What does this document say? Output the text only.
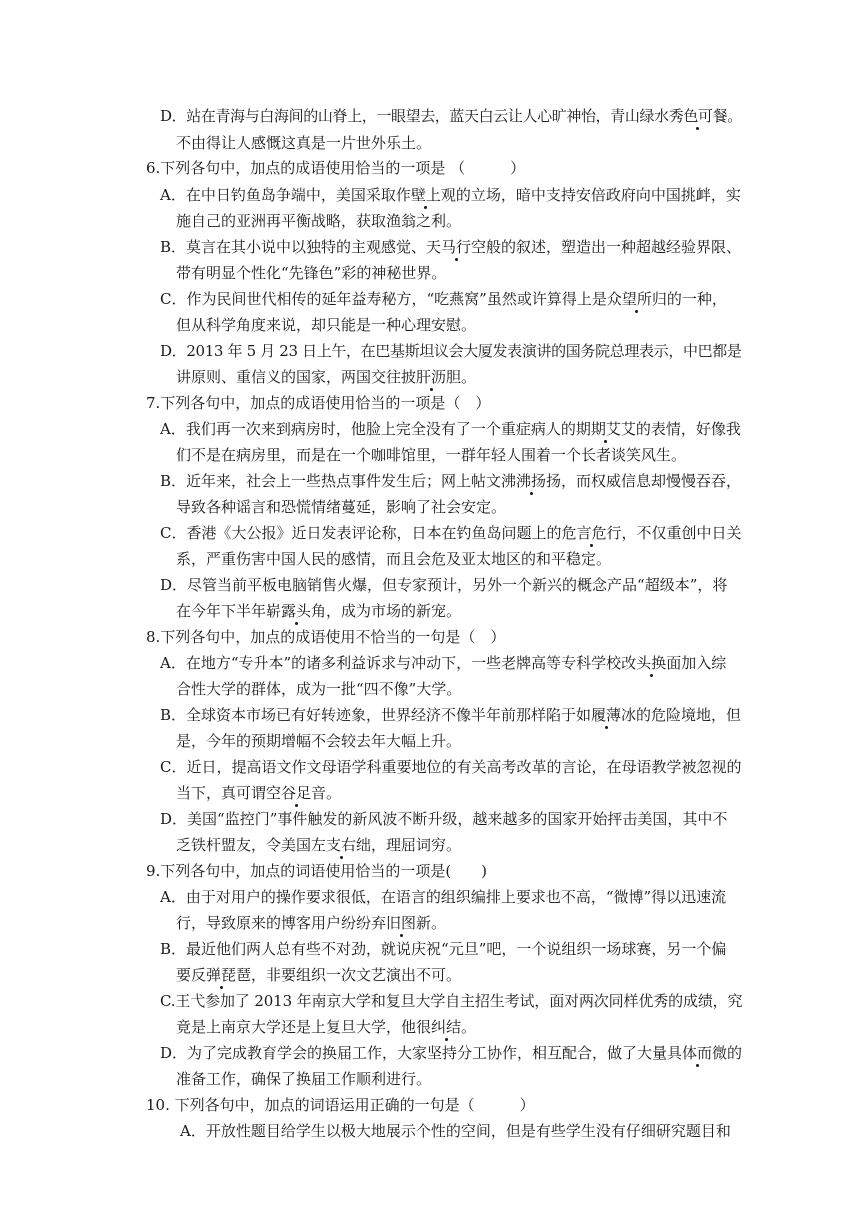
D．站在青海与白海间的山脊上，一眼望去，蓝天白云让人心旷神怡，青山绿水秀色可餐。
不由得让人感慨这真是一片世外乐土。
6.下列各句中，加点的成语使用恰当的一项是 （　　　）
A．在中日钓鱼岛争端中，美国采取作壁上观的立场，暗中支持安倍政府向中国挑衅，实
施自己的亚洲再平衡战略，获取渔翁之利。
B．莫言在其小说中以独特的主观感觉、天马行空般的叙述，塑造出一种超越经验界限、
带有明显个性化“先锋色”彩的神秘世界。
C．作为民间世代相传的延年益寿秘方，“吃燕窝”虽然或许算得上是众望所归的一种，
但从科学角度来说，却只能是一种心理安慰。
D．2013 年 5 月 23 日上午，在巴基斯坦议会大厦发表演讲的国务院总理表示，中巴都是
讲原则、重信义的国家，两国交往披肝沥胆。
7.下列各句中，加点的成语使用恰当的一项是（　）
A．我们再一次来到病房时，他脸上完全没有了一个重症病人的期期艾艾的表情，好像我
们不是在病房里，而是在一个咖啡馆里，一群年轻人围着一个长者谈笑风生。
B．近年来，社会上一些热点事件发生后；网上帖文沸沸扬扬，而权威信息却慢慢吞吞，
导致各种谣言和恐慌情绪蔓延，影响了社会安定。
C．香港《大公报》近日发表评论称，日本在钓鱼岛问题上的危言危行，不仅重创中日关
系，严重伤害中国人民的感情，而且会危及亚太地区的和平稳定。
D．尽管当前平板电脑销售火爆，但专家预计，另外一个新兴的概念产品“超级本”，将
在今年下半年崭露头角，成为市场的新宠。
8.下列各句中，加点的成语使用不恰当的一句是（　）
A．在地方“专升本”的诸多利益诉求与冲动下，一些老牌高等专科学校改头换面加入综
合性大学的群体，成为一批“四不像”大学。
B．全球资本市场已有好转迹象，世界经济不像半年前那样陷于如履薄冰的危险境地，但
是，今年的预期增幅不会较去年大幅上升。
C．近日，提高语文作文母语学科重要地位的有关高考改革的言论，在母语教学被忽视的
当下，真可谓空谷足音。
D．美国“监控门”事件触发的新风波不断升级，越来越多的国家开始抨击美国，其中不
乏铁杆盟友，令美国左支右绌，理屈词穷。
9.下列各句中，加点的词语使用恰当的一项是(　　)
A．由于对用户的操作要求很低，在语言的组织编排上要求也不高，“微博”得以迅速流
行，导致原来的博客用户纷纷弃旧图新。
B．最近他们两人总有些不对劲，就说庆祝“元旦”吧，一个说组织一场球赛，另一个偏
要反弹琵琶，非要组织一次文艺演出不可。
C.王弋参加了 2013 年南京大学和复旦大学自主招生考试，面对两次同样优秀的成绩，究
竟是上南京大学还是上复旦大学，他很纠结。
D．为了完成教育学会的换届工作，大家坚持分工协作，相互配合，做了大量具体而微的
准备工作，确保了换届工作顺利进行。
10. 下列各句中，加点的词语运用正确的一句是（　　　）
A．开放性题目给学生以极大地展示个性的空间，但是有些学生没有仔细研究题目和
